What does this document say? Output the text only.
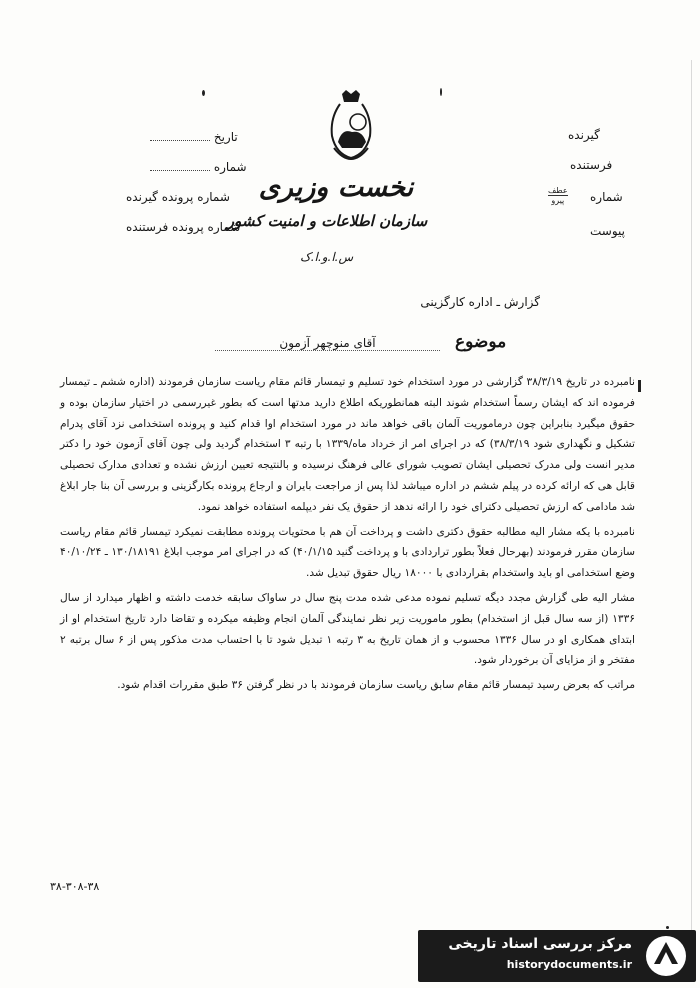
تاریخ
شماره
شماره پرونده گیرنده
شماره پرونده فرستنده
نخست وزیری
سازمان اطلاعات و امنیت کشور
س.ا.و.ا.ک
گیرنده
فرستنده
شماره
عطف
پیرو
پیوست
گزارش ـ اداره کارگزینی
موضوع
آقای منوچهر آزمون

نامبرده در تاریخ ۳۸/۳/۱۹ گزارشی در مورد استخدام خود تسلیم و تیمسار قائم مقام ریاست سازمان فرمودند (اداره ششم ـ تیمسار فرموده اند که ایشان رسماً استخدام شوند البته همانطوریکه اطلاع دارید مدتها است که بطور غیررسمی در اختیار سازمان بوده و حقوق میگیرد بنابراین چون درماموریت آلمان باقی خواهد ماند در مورد استخدام اوا قدام کنید و پرونده استخدامی نزد آقای پدرام تشکیل و نگهداری شود ۳۸/۳/۱۹) که در اجرای امر از خرداد ماه/۱۳۳۹ با رتبه ۳ استخدام گردید ولی چون آقای آزمون خود را دکتر مدیر انست ولی مدرک تحصیلی ایشان تصویب شورای عالی فرهنگ نرسیده و بالنتیجه تعیین ارزش نشده و تعدادی مدارک تحصیلی قابل هی که ارائه کرده در پیلم ششم در اداره میباشد لذا پس از مراجعت بایران و ارجاع پرونده بکارگزینی و بررسی آن بنا جار ابلاغ شد مادامی که ارزش تحصیلی دکترای خود را ارائه ندهد از حقوق یک نفر دیپلمه استفاده خواهد نمود.

نامبرده با یکه مشار الیه مطالبه حقوق دکتری داشت و پرداخت آن هم با محتویات پرونده مطابقت نمیکرد تیمسار قائم مقام ریاست سازمان مقرر فرمودند (بهرحال فعلاً بطور تراردادی با و پرداخت گنید ۴۰/۱/۱۵) که در اجرای امر موجب ابلاغ ۱۳۰/۱۸۱۹۱ ـ ۴۰/۱۰/۲۴ وضع استخدامی او باید واستخدام بقراردادی با ۱۸۰۰۰ ریال حقوق تبدیل شد.

مشار الیه طی گزارش مجدد دیگه تسلیم نموده مدعی شده مدت پنج سال در ساواک سابقه خدمت داشته و اظهار میدارد از سال ۱۳۳۶ (از سه سال قبل از استخدام) بطور ماموریت زیر نظر نمایندگی آلمان انجام وظیفه میکرده و تقاضا دارد تاریخ استخدام او از ابتدای همکاری او در سال ۱۳۳۶ محسوب و از همان تاریخ به ۳ رتبه ۱ تبدیل شود تا با احتساب مدت مذکور پس از ۶ سال برتبه ۲ مفتخر و از مزایای آن برخوردار شود.

مراتب که بعرض رسید تیمسار قائم مقام سابق ریاست سازمان فرمودند با در نظر گرفتن ۳۶ طبق مقررات اقدام شود.

۳۸-۳۰۸-۳۸
مرکز بررسی اسناد تاریخی
historydocuments.ir
